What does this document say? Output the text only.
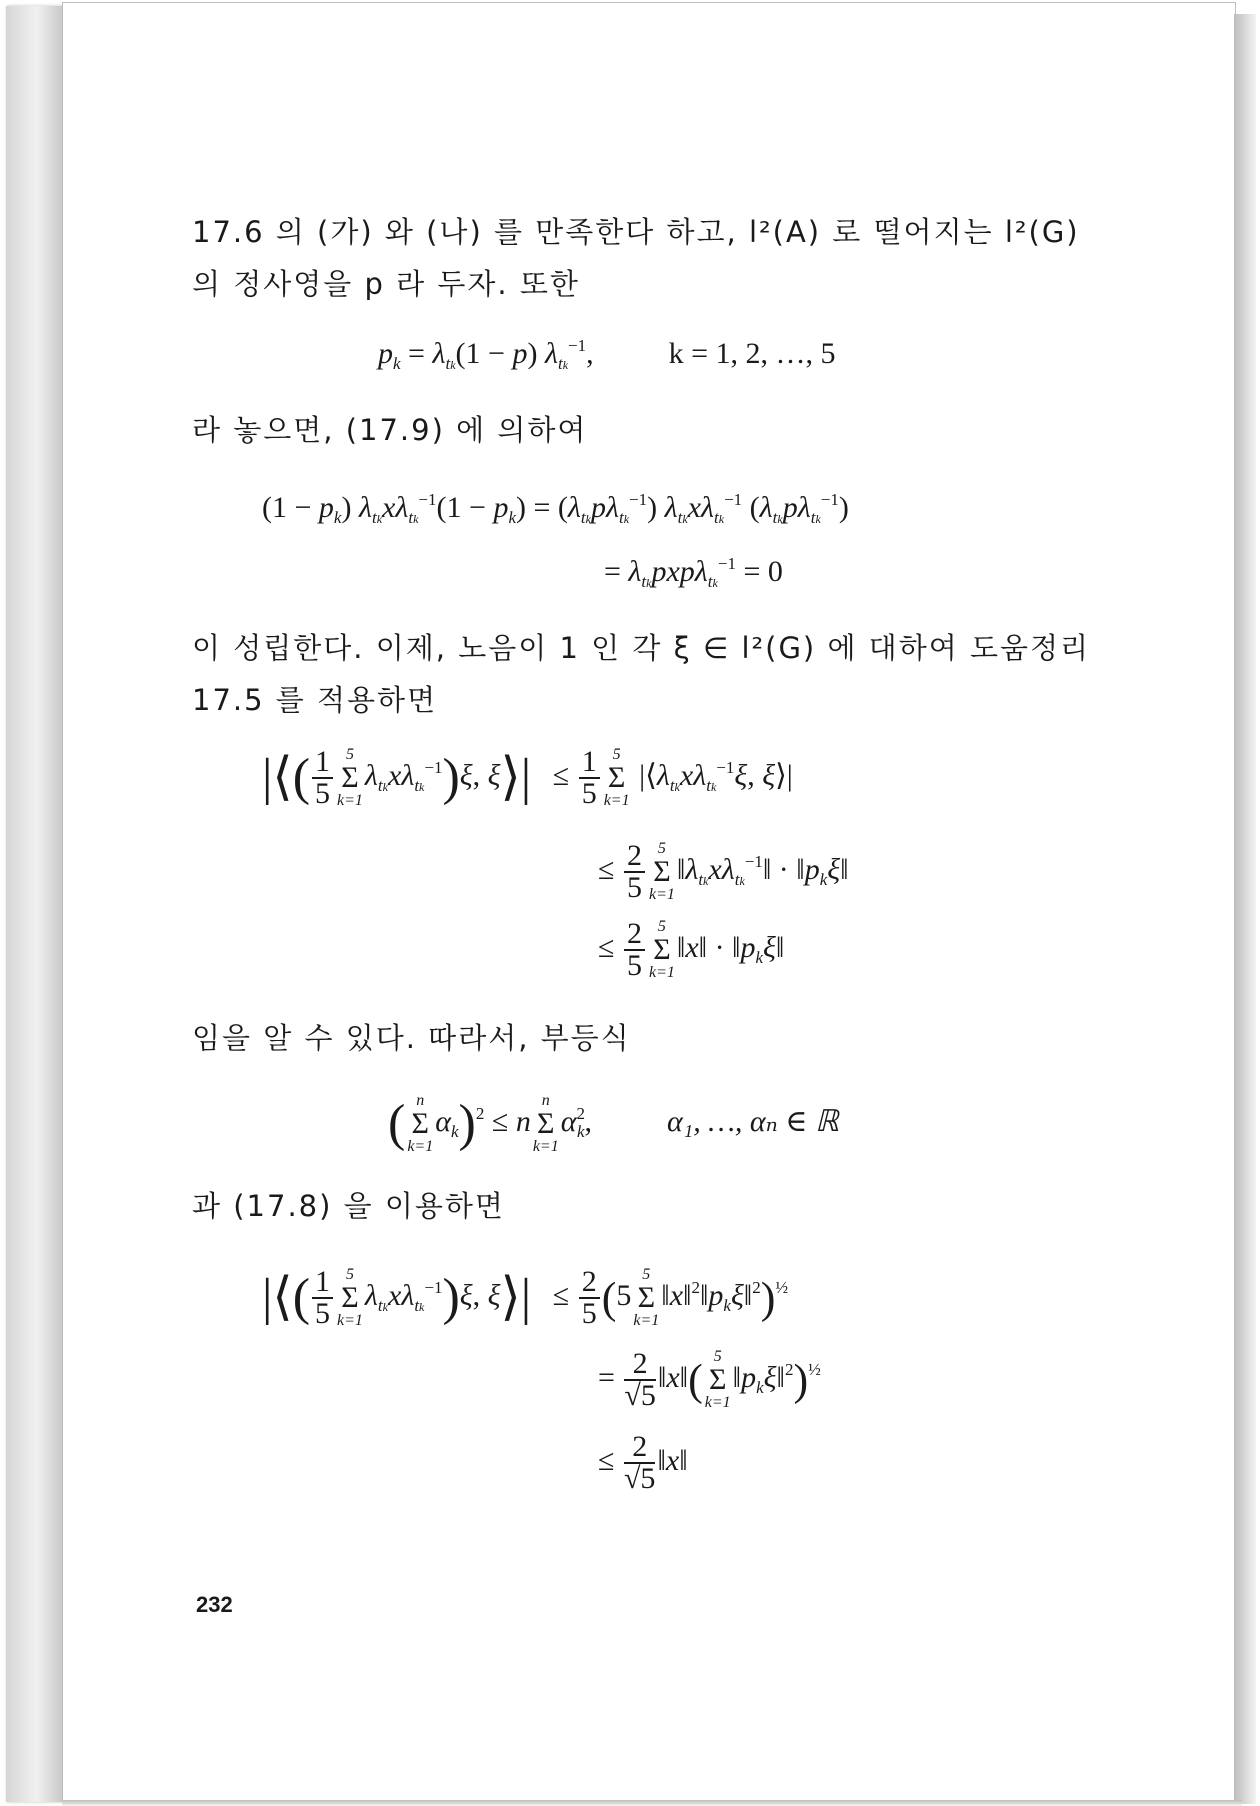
17.6 의 (가) 와 (나) 를 만족한다 하고, l²(A) 로 떨어지는 l²(G) 의 정사영을 p 라 두자. 또한
$p_k = \lambda_{tk}(1 - p)$ $\lambda_{tk}^{-1}$,  k = 1, 2, …, 5
라 놓으면, (17.9) 에 의하여
$(1 - p_k)$ $\lambda_{tk}x\lambda_{tk}^{-1}(1 - p_k) = (\lambda_{tk}p\lambda_{tk}^{-1})$ $\lambda_{tk}x\lambda_{tk}^{-1}$ $(\lambda_{tk}p\lambda_{tk}^{-1})$
= $\lambda_{tk}pxp\lambda_{tk}^{-1} = 0$
이 성립한다. 이제, 노음이 1 인 각 ξ ∈ l²(G) 에 대하여 도움정리 17.5 를 적용하면
|⟨( $\frac{1}{5} 5$
Σ
k=1
$\lambda_{tk}x\lambda_{tk}^{-1})\xi$, ξ⟩| ≤ $\frac{1}{5} 5$
Σ
k=1
$|⟨\lambda_{tk}x\lambda_{tk}^{-1}\xi$, ξ⟩|
≤ $\frac{2}{5} 5$
Σ
k=1
$‖\lambda_{tk}x\lambda_{tk}^{-1}‖$ · $‖p_k\xi‖$
≤ $\frac{2}{5} 5$
Σ
k=1
‖x‖ · $‖p_k\xi‖$
임을 알 수 있다. 따라서, 부등식
( n
Σ
k=1
$\alpha_k)^2 \le n$
n
Σ
k=1
$\alpha^2_k$,  α₁, …, αₙ ∈ ℝ
과 (17.8) 을 이용하면
|⟨( $\frac{1}{5} 5$
Σ
k=1
$\lambda_{tk}x\lambda_{tk}^{-1})\xi$, ξ⟩| ≤ $\frac{2}{5} (5$
5
Σ
k=1
$‖x‖^2‖p_k\xi‖^2)^{\frac{1}{2}}$
= $\frac{2}{√5}$ ‖x‖( 5
Σ
k=1
$‖p_k\xi‖^2)^{\frac{1}{2}}$
≤ $\frac{2}{√5}$ ‖x‖
232
